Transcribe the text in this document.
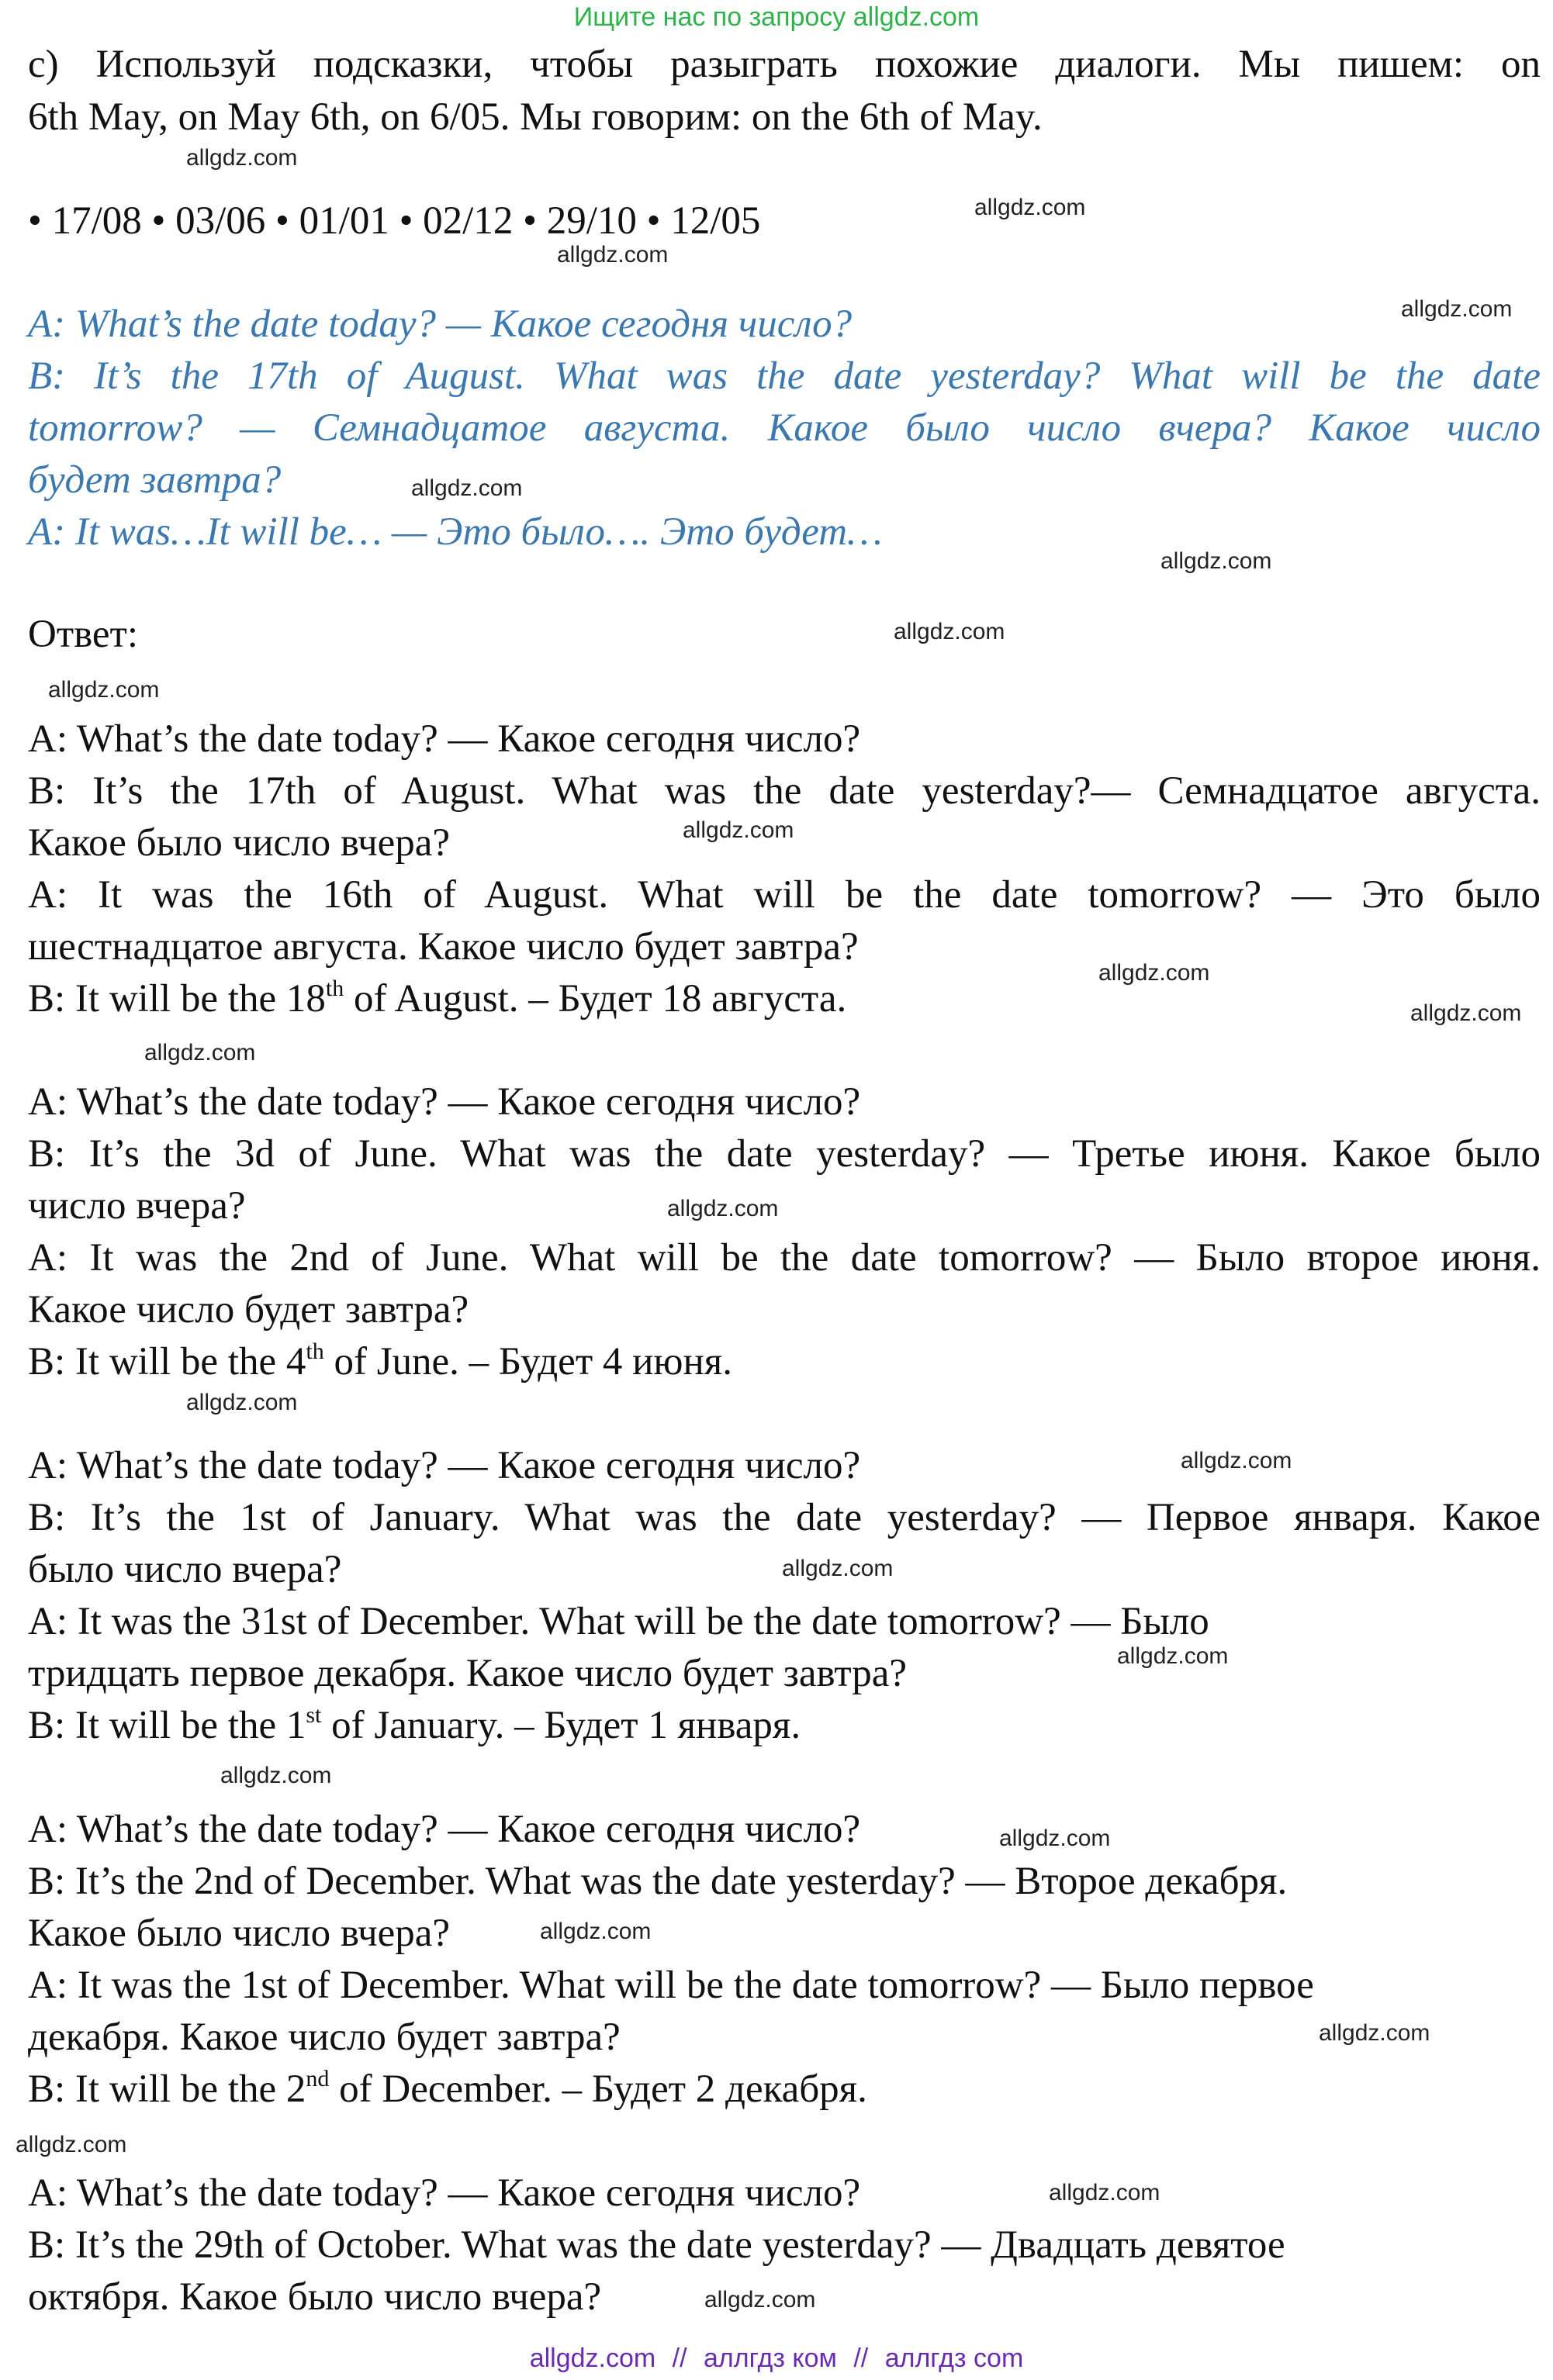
Ищите нас по запросу allgdz.com
с) Используй подсказки, чтобы разыграть похожие диалоги. Мы пишем: on
6th May, on May 6th, on 6/05. Мы говорим: on the 6th of May.
• 17/08 • 03/06 • 01/01 • 02/12 • 29/10 • 12/05
A: What’s the date today? — Какое сегодня число?
B: It’s the 17th of August. What was the date yesterday? What will be the date
tomorrow? — Семнадцатое августа. Какое было число вчера? Какое число
будет завтра?
A: It was…It will be… — Это было…. Это будет…
Ответ:
A: What’s the date today? — Какое сегодня число?
B: It’s the 17th of August. What was the date yesterday?— Семнадцатое августа.
Какое было число вчера?
A: It was the 16th of August. What will be the date tomorrow? — Это было
шестнадцатое августа. Какое число будет завтра?
B: It will be the 18th of August. – Будет 18 августа.
A: What’s the date today? — Какое сегодня число?
B: It’s the 3d of June. What was the date yesterday? — Третье июня. Какое было
число вчера?
A: It was the 2nd of June. What will be the date tomorrow? — Было второе июня.
Какое число будет завтра?
B: It will be the 4th of June. – Будет 4 июня.
A: What’s the date today? — Какое сегодня число?
B: It’s the 1st of January. What was the date yesterday? — Первое января. Какое
было число вчера?
A: It was the 31st of December. What will be the date tomorrow? — Было
тридцать первое декабря. Какое число будет завтра?
B: It will be the 1st of January. – Будет 1 января.
A: What’s the date today? — Какое сегодня число?
B: It’s the 2nd of December. What was the date yesterday? — Второе декабря.
Какое было число вчера?
A: It was the 1st of December. What will be the date tomorrow? — Было первое
декабря. Какое число будет завтра?
B: It will be the 2nd of December. – Будет 2 декабря.
A: What’s the date today? — Какое сегодня число?
B: It’s the 29th of October. What was the date yesterday? — Двадцать девятое
октября. Какое было число вчера?
allgdz.com
allgdz.com
allgdz.com
allgdz.com
allgdz.com
allgdz.com
allgdz.com
allgdz.com
allgdz.com
allgdz.com
allgdz.com
allgdz.com
allgdz.com
allgdz.com
allgdz.com
allgdz.com
allgdz.com
allgdz.com
allgdz.com
allgdz.com
allgdz.com
allgdz.com
allgdz.com
allgdz.com
allgdz.com // аллгдз ком // аллгдз com
